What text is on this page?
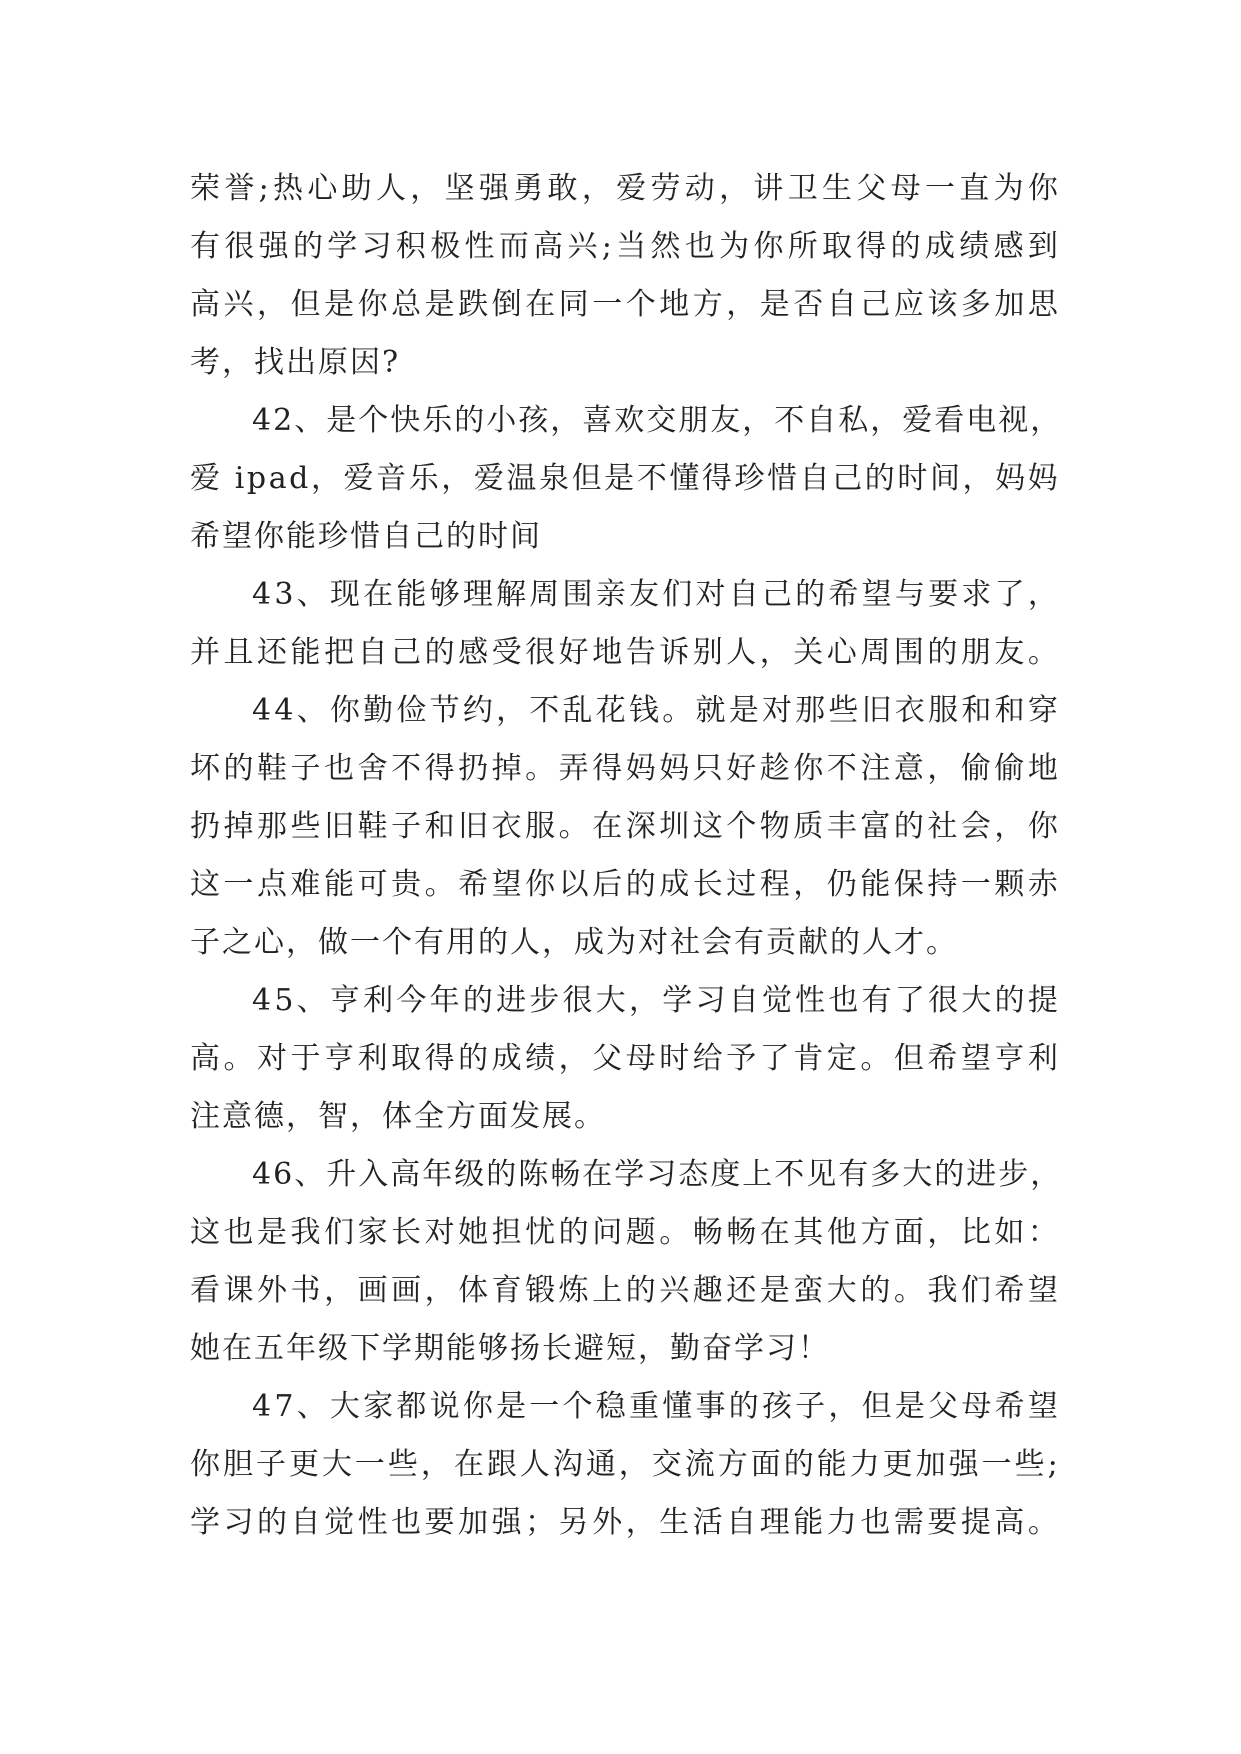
荣 誉 ; 热 心 助 人 ， 坚 强 勇 敢 ， 爱 劳 动 ， 讲 卫 生 父 母 一 直 为 你
有 很 强 的 学 习 积 极 性 而 高 兴 ; 当 然 也 为 你 所 取 得 的 成 绩 感 到
高 兴 ， 但 是 你 总 是 跌 倒 在 同 一 个 地 方 ， 是 否 自 己 应 该 多 加 思
考，找出原因?
4 2 、 是 个 快 乐 的 小 孩 ， 喜 欢 交 朋 友 ， 不 自 私 ， 爱 看 电 视 ，
爱
i p a d ， 爱 音 乐 ， 爱 温 泉 但 是 不 懂 得 珍 惜 自 己 的 时 间 ， 妈 妈
希望你能珍惜自己的时间
4 3 、 现 在 能 够 理 解 周 围 亲 友 们 对 自 己 的 希 望 与 要 求 了 ，
并 且 还 能 把 自 己 的 感 受 很 好 地 告 诉 别 人 ， 关 心 周 围 的 朋 友 。
4 4 、 你 勤 俭 节 约 ， 不 乱 花 钱 。 就 是 对 那 些 旧 衣 服 和 和 穿
坏 的 鞋 子 也 舍 不 得 扔 掉 。 弄 得 妈 妈 只 好 趁 你 不 注 意 ， 偷 偷 地
扔 掉 那 些 旧 鞋 子 和 旧 衣 服 。 在 深 圳 这 个 物 质 丰 富 的 社 会 ， 你
这 一 点 难 能 可 贵 。 希 望 你 以 后 的 成 长 过 程 ， 仍 能 保 持 一 颗 赤
子之心，做一个有用的人，成为对社会有贡献的人才。
4 5 、 亨 利 今 年 的 进 步 很 大 ， 学 习 自 觉 性 也 有 了 很 大 的 提
高 。 对 于 亨 利 取 得 的 成 绩 ， 父 母 时 给 予 了 肯 定 。 但 希 望 亨 利
注意德，智，体全方面发展。
4 6 、 升 入 高 年 级 的 陈 畅 在 学 习 态 度 上 不 见 有 多 大 的 进 步 ，
这 也 是 我 们 家 长 对 她 担 忧 的 问 题 。 畅 畅 在 其 他 方 面 ， 比 如 ：
看 课 外 书 ， 画 画 ， 体 育 锻 炼 上 的 兴 趣 还 是 蛮 大 的 。 我 们 希 望
她在五年级下学期能够扬长避短，勤奋学习！
4 7 、 大 家 都 说 你 是 一 个 稳 重 懂 事 的 孩 子 ， 但 是 父 母 希 望
你 胆 子 更 大 一 些 ， 在 跟 人 沟 通 ， 交 流 方 面 的 能 力 更 加 强 一 些 ;
学 习 的 自 觉 性 也 要 加 强 ； 另 外 ， 生 活 自 理 能 力 也 需 要 提 高 。
